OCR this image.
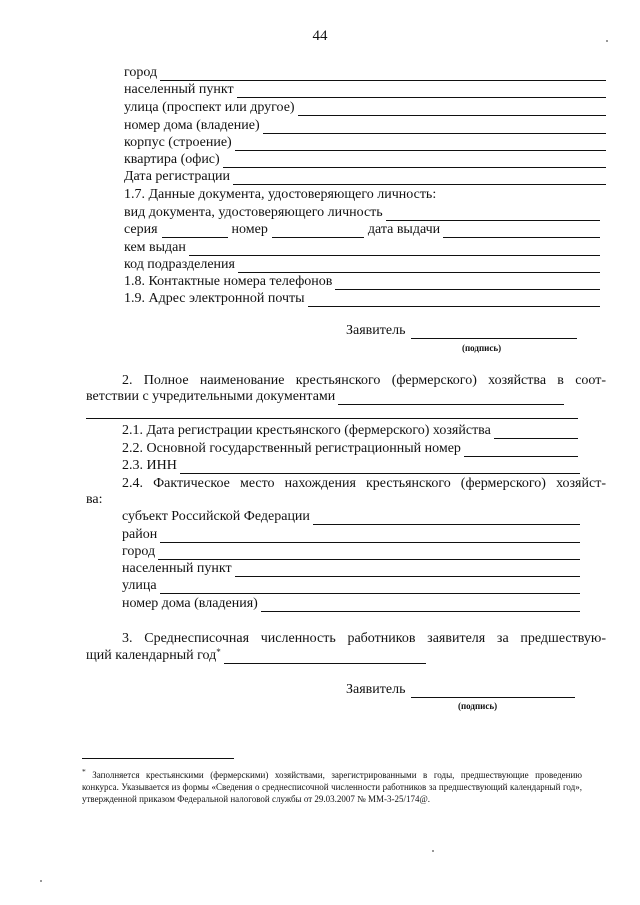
44
город
населенный пункт
улица (проспект или другое)
номер дома (владение)
корпус (строение)
квартира (офис)
Дата регистрации
1.7. Данные документа, удостоверяющего личность:
вид документа, удостоверяющего личность
серия	номер	дата выдачи
кем выдан
код подразделения
1.8. Контактные номера телефонов
1.9. Адрес электронной почты
Заявитель
(подпись)
2. Полное наименование крестьянского (фермерского) хозяйства в соот-
ветствии с учредительными документами
2.1. Дата регистрации крестьянского (фермерского) хозяйства
2.2. Основной государственный регистрационный номер
2.3. ИНН
2.4. Фактическое место нахождения крестьянского (фермерского) хозяйст-
ва:
субъект Российской Федерации
район
город
населенный пункт
улица
номер дома (владения)
3. Среднесписочная численность работников заявителя за предшествую-
щий календарный год*
Заявитель
(подпись)
* Заполняется крестьянскими (фермерскими) хозяйствами, зарегистрированными в годы, предшествующие проведению конкурса. Указывается из формы «Сведения о среднесписочной численности работников за предшествующий календарный год», утвержденной приказом Федеральной налоговой службы от 29.03.2007 № ММ-3-25/174@.
